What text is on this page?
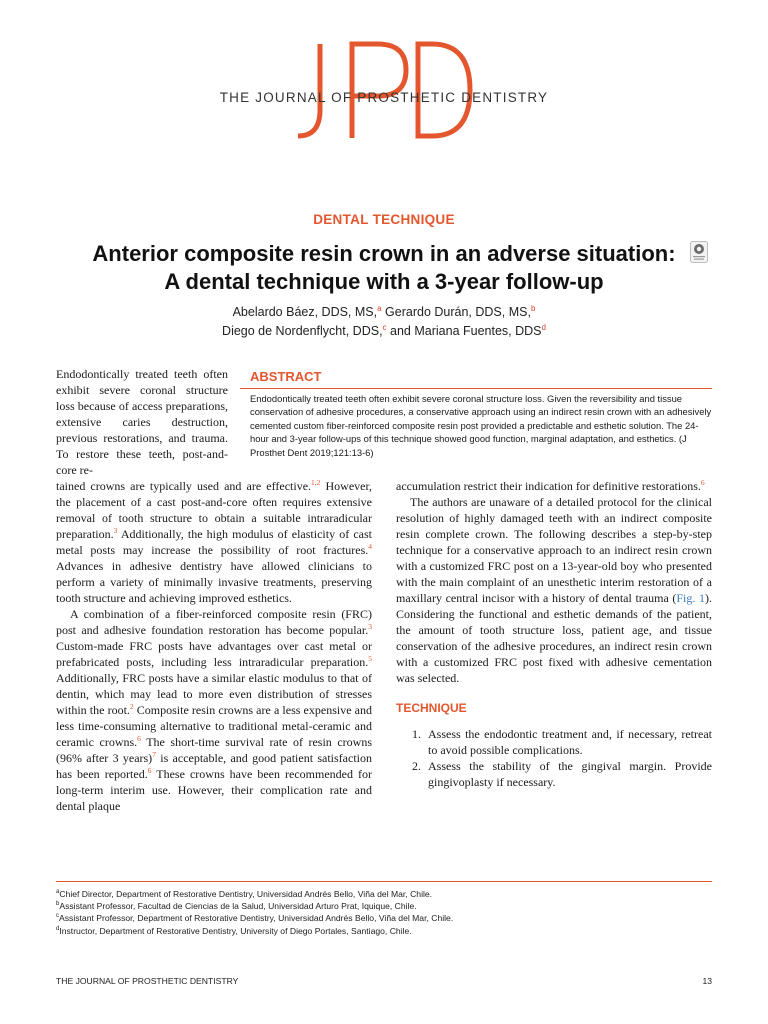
THE JOURNAL OF PROSTHETIC DENTISTRY
DENTAL TECHNIQUE
Anterior composite resin crown in an adverse situation:
A dental technique with a 3-year follow-up
Abelardo Báez, DDS, MS,$^a$ Gerardo Durán, DDS, MS,$^b$
Diego de Nordenflycht, DDS,$^c$ and Mariana Fuentes, DDS$^d$
ABSTRACT
Endodontically treated teeth often exhibit severe coronal structure loss. Given the reversibility and tissue conservation of adhesive procedures, a conservative approach using an indirect resin crown with an adhesively cemented custom fiber-reinforced composite resin post provided a predictable and esthetic solution. The 24-hour and 3-year follow-ups of this technique showed good function, marginal adaptation, and esthetics. (J Prosthet Dent 2019;121:13-6)
Endodontically treated teeth often exhibit severe coronal structure loss because of access preparations, extensive caries destruction, previous restorations, and trauma. To restore these teeth, post-and-core re-

tained crowns are typically used and are effective.$^{1,2}$ However, the placement of a cast post-and-core often requires extensive removal of tooth structure to obtain a suitable intraradicular preparation.$^3$ Additionally, the high modulus of elasticity of cast metal posts may increase the possibility of root fractures.$^4$ Advances in adhesive dentistry have allowed clinicians to perform a variety of minimally invasive treatments, preserving tooth structure and achieving improved esthetics.

A combination of a fiber-reinforced composite resin (FRC) post and adhesive foundation restoration has become popular.$^3$ Custom-made FRC posts have advantages over cast metal or prefabricated posts, including less intraradicular preparation.$^5$ Additionally, FRC posts have a similar elastic modulus to that of dentin, which may lead to more even distribution of stresses within the root.$^2$ Composite resin crowns are a less expensive and less time-consuming alternative to traditional metal-ceramic and ceramic crowns.$^6$ The short-time survival rate of resin crowns (96% after 3 years)$^7$ is acceptable, and good patient satisfaction has been reported.$^6$ These crowns have been recommended for long-term interim use. However, their complication rate and dental plaque

accumulation restrict their indication for definitive restorations.$^6$

The authors are unaware of a detailed protocol for the clinical resolution of highly damaged teeth with an indirect composite resin complete crown. The following describes a step-by-step technique for a conservative approach to an indirect resin crown with a customized FRC post on a 13-year-old boy who presented with the main complaint of an unesthetic interim restoration of a maxillary central incisor with a history of dental trauma (Fig. 1). Considering the functional and esthetic demands of the patient, the amount of tooth structure loss, patient age, and tissue conservation of the adhesive procedures, an indirect resin crown with a customized FRC post fixed with adhesive cementation was selected.

TECHNIQUE

1. Assess the endodontic treatment and, if necessary, retreat to avoid possible complications.
2. Assess the stability of the gingival margin. Provide gingivoplasty if necessary.
$^a$Chief Director, Department of Restorative Dentistry, Universidad Andrés Bello, Viña del Mar, Chile.
$^b$Assistant Professor, Facultad de Ciencias de la Salud, Universidad Arturo Prat, Iquique, Chile.
$^c$Assistant Professor, Department of Restorative Dentistry, Universidad Andrés Bello, Viña del Mar, Chile.
$^d$Instructor, Department of Restorative Dentistry, University of Diego Portales, Santiago, Chile.
THE JOURNAL OF PROSTHETIC DENTISTRY	13
